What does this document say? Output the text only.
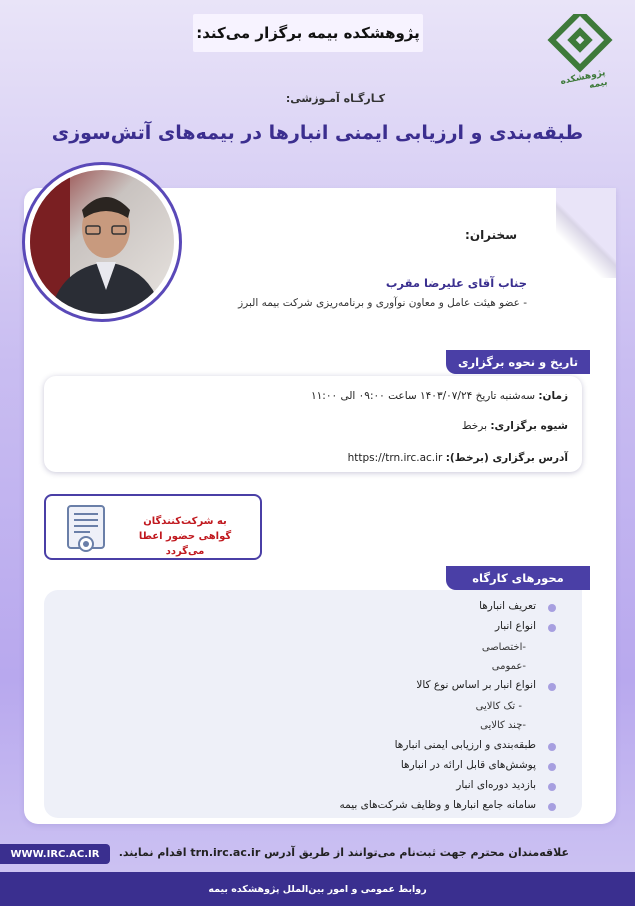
پژوهشکده بیمه برگزار می‌کند:
پژوهشکده بیمه
کـارگـاه آمـوزشی:
طبقه‌بندی و ارزیابی ایمنی انبارها در بیمه‌های آتش‌سوزی
سخنران:
جناب آقای علیرضا مقرب
- عضو هیئت عامل و معاون نوآوری و برنامه‌ریزی شرکت بیمه البرز
تاریخ و نحوه برگزاری
زمان: سه‌شنبه تاریخ ۱۴۰۳/۰۷/۲۴ ساعت ۰۹:۰۰ الی ۱۱:۰۰
شیوه برگزاری: برخط
آدرس برگزاری (برخط): https://trn.irc.ac.ir
به شرکت‌کنندگان
گواهی حضور اعطا می‌گردد
محورهای کارگاه
تعریف انبارها
انواع انبار
-اختصاصی
-عمومی
انواع انبار بر اساس نوع کالا
- تک کالایی
-چند کالایی
طبقه‌بندی و ارزیابی ایمنی انبارها
پوشش‌های قابل ارائه در انبارها
بازدید دوره‌ای انبار
سامانه جامع انبارها و وظایف شرکت‌های بیمه
WWW.IRC.AC.IR علاقه‌مندان محترم جهت ثبت‌نام می‌توانند از طریق آدرس trn.irc.ac.ir اقدام نمایند.
روابط عمومی و امور بین‌الملل پژوهشکده بیمه
